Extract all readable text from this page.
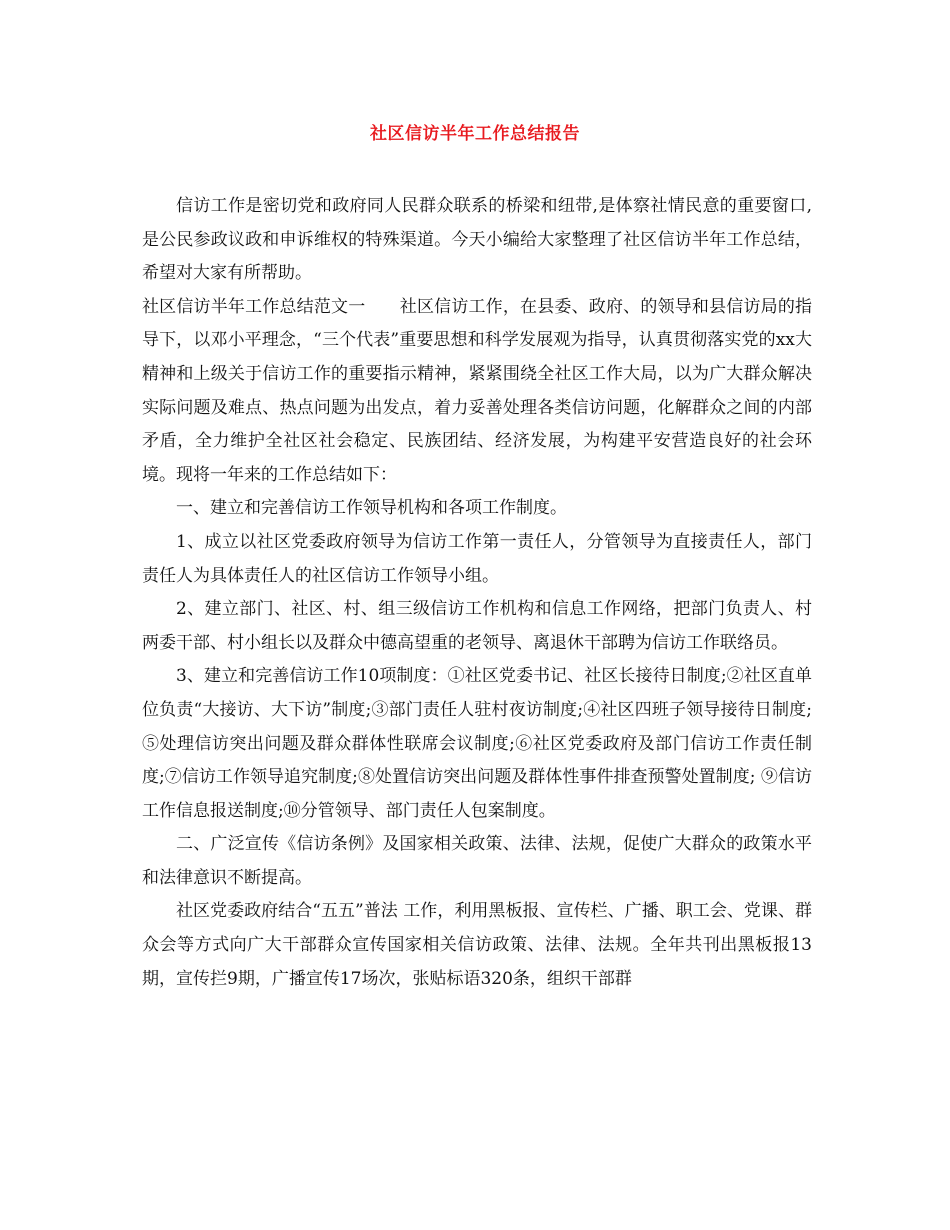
社区信访半年工作总结报告

信访工作是密切党和政府同人民群众联系的桥梁和纽带,是体察社情民意的重要窗口,是公民参政议政和申诉维权的特殊渠道。今天小编给大家整理了社区信访半年工作总结，希望对大家有所帮助。

社区信访半年工作总结范文一　　社区信访工作，在县委、政府、的领导和县信访局的指导下，以邓小平理念，“三个代表”重要思想和科学发展观为指导，认真贯彻落实党的xx大精神和上级关于信访工作的重要指示精神，紧紧围绕全社区工作大局，以为广大群众解决实际问题及难点、热点问题为出发点，着力妥善处理各类信访问题，化解群众之间的内部矛盾，全力维护全社区社会稳定、民族团结、经济发展，为构建平安营造良好的社会环境。现将一年来的工作总结如下：

一、建立和完善信访工作领导机构和各项工作制度。

1、成立以社区党委政府领导为信访工作第一责任人，分管领导为直接责任人，部门责任人为具体责任人的社区信访工作领导小组。

2、建立部门、社区、村、组三级信访工作机构和信息工作网络，把部门负责人、村两委干部、村小组长以及群众中德高望重的老领导、离退休干部聘为信访工作联络员。

3、建立和完善信访工作10项制度：①社区党委书记、社区长接待日制度;②社区直单位负责“大接访、大下访”制度;③部门责任人驻村夜访制度;④社区四班子领导接待日制度;⑤处理信访突出问题及群众群体性联席会议制度;⑥社区党委政府及部门信访工作责任制度;⑦信访工作领导追究制度;⑧处置信访突出问题及群体性事件排查预警处置制度; ⑨信访工作信息报送制度;⑩分管领导、部门责任人包案制度。

二、广泛宣传《信访条例》及国家相关政策、法律、法规，促使广大群众的政策水平和法律意识不断提高。

社区党委政府结合“五五”普法 工作，利用黑板报、宣传栏、广播、职工会、党课、群众会等方式向广大干部群众宣传国家相关信访政策、法律、法规。全年共刊出黑板报13期，宣传拦9期，广播宣传17场次，张贴标语320条，组织干部群
